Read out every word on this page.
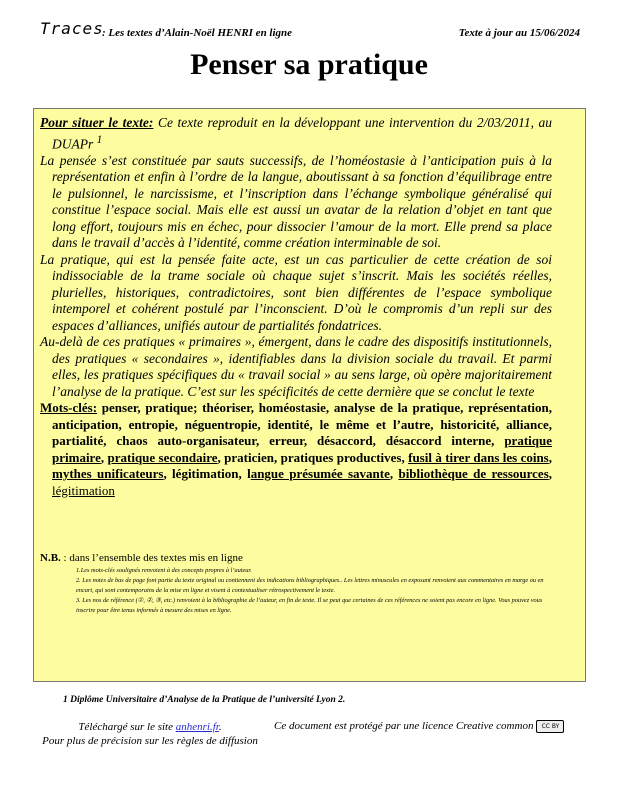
Traces
: Les textes d’Alain-Noël HENRI en ligne	Texte à jour au 15/06/2024
Penser sa pratique

Pour situer le texte: Ce texte reproduit en la développant une intervention du 2/03/2011, au DUAPr $^1$

La pensée s’est constituée par sauts successifs, de l’homéostasie à l’anticipation puis à la représentation et enfin à l’ordre de la langue, aboutissant à sa fonction d’équilibrage entre le pulsionnel, le narcissisme, et l’inscription dans l’échange symbolique généralisé qui constitue l’espace social. Mais elle est aussi un avatar de la relation d’objet en tant que long effort, toujours mis en échec, pour dissocier l’amour de la mort. Elle prend sa place dans le travail d’accès à l’identité, comme création interminable de soi.

La pratique, qui est la pensée faite acte, est un cas particulier de cette création de soi indissociable de la trame sociale où chaque sujet s’inscrit. Mais les sociétés réelles, plurielles, historiques, contradictoires, sont bien différentes de l’espace symbolique intemporel et cohérent postulé par l’inconscient. D’où le compromis d’un repli sur des espaces d’alliances, unifiés autour de partialités fondatrices.

Au-delà de ces pratiques « primaires », émergent, dans le cadre des dispositifs institutionnels, des pratiques « secondaires », identifiables dans la division sociale du travail. Et parmi elles, les pratiques spécifiques du « travail social » au sens large, où opère majoritairement l’analyse de la pratique. C’est sur les spécificités de cette dernière que se conclut le texte

Mots-clés: penser, pratique; théoriser, homéostasie, analyse de la pratique, représentation, anticipation, entropie, néguentropie, identité, le même et l’autre, historicité, alliance, partialité, chaos auto-organisateur, erreur, désaccord, désaccord interne, pratique primaire, pratique secondaire, praticien, pratiques productives, fusil à tirer dans les coins, mythes unificateurs, légitimation, langue présumée savante, bibliothèque de ressources, légitimation

N.B. : dans l’ensemble des textes mis en ligne

1.Les mots-clés soulignés renvoient à des concepts propres à l’auteur.

2. Les notes de bas de page font partie du texte original ou contiennent des indications bibliographiques.. Les lettres minuscules en exposant renvoient aux commentaires en marge ou en encart, qui sont contemporains de la mise en ligne et visent à contextualiser rétrospectivement le texte.

3. Les nos de référence (①, ②, ③, etc.) renvoient à la bibliographie de l’auteur, en fin de texte. Il se peut que certaines de ces références ne soient pas encore en ligne. Vous pouvez vous inscrire pour être tenus informés à mesure des mises en ligne.

1 Diplôme Universitaire d’Analyse de la Pratique de l’université Lyon 2.
Téléchargé sur le site anhenri.fr.
Pour plus de précision sur les règles de diffusion
Ce document est protégé par une licence Creative common CC BY
